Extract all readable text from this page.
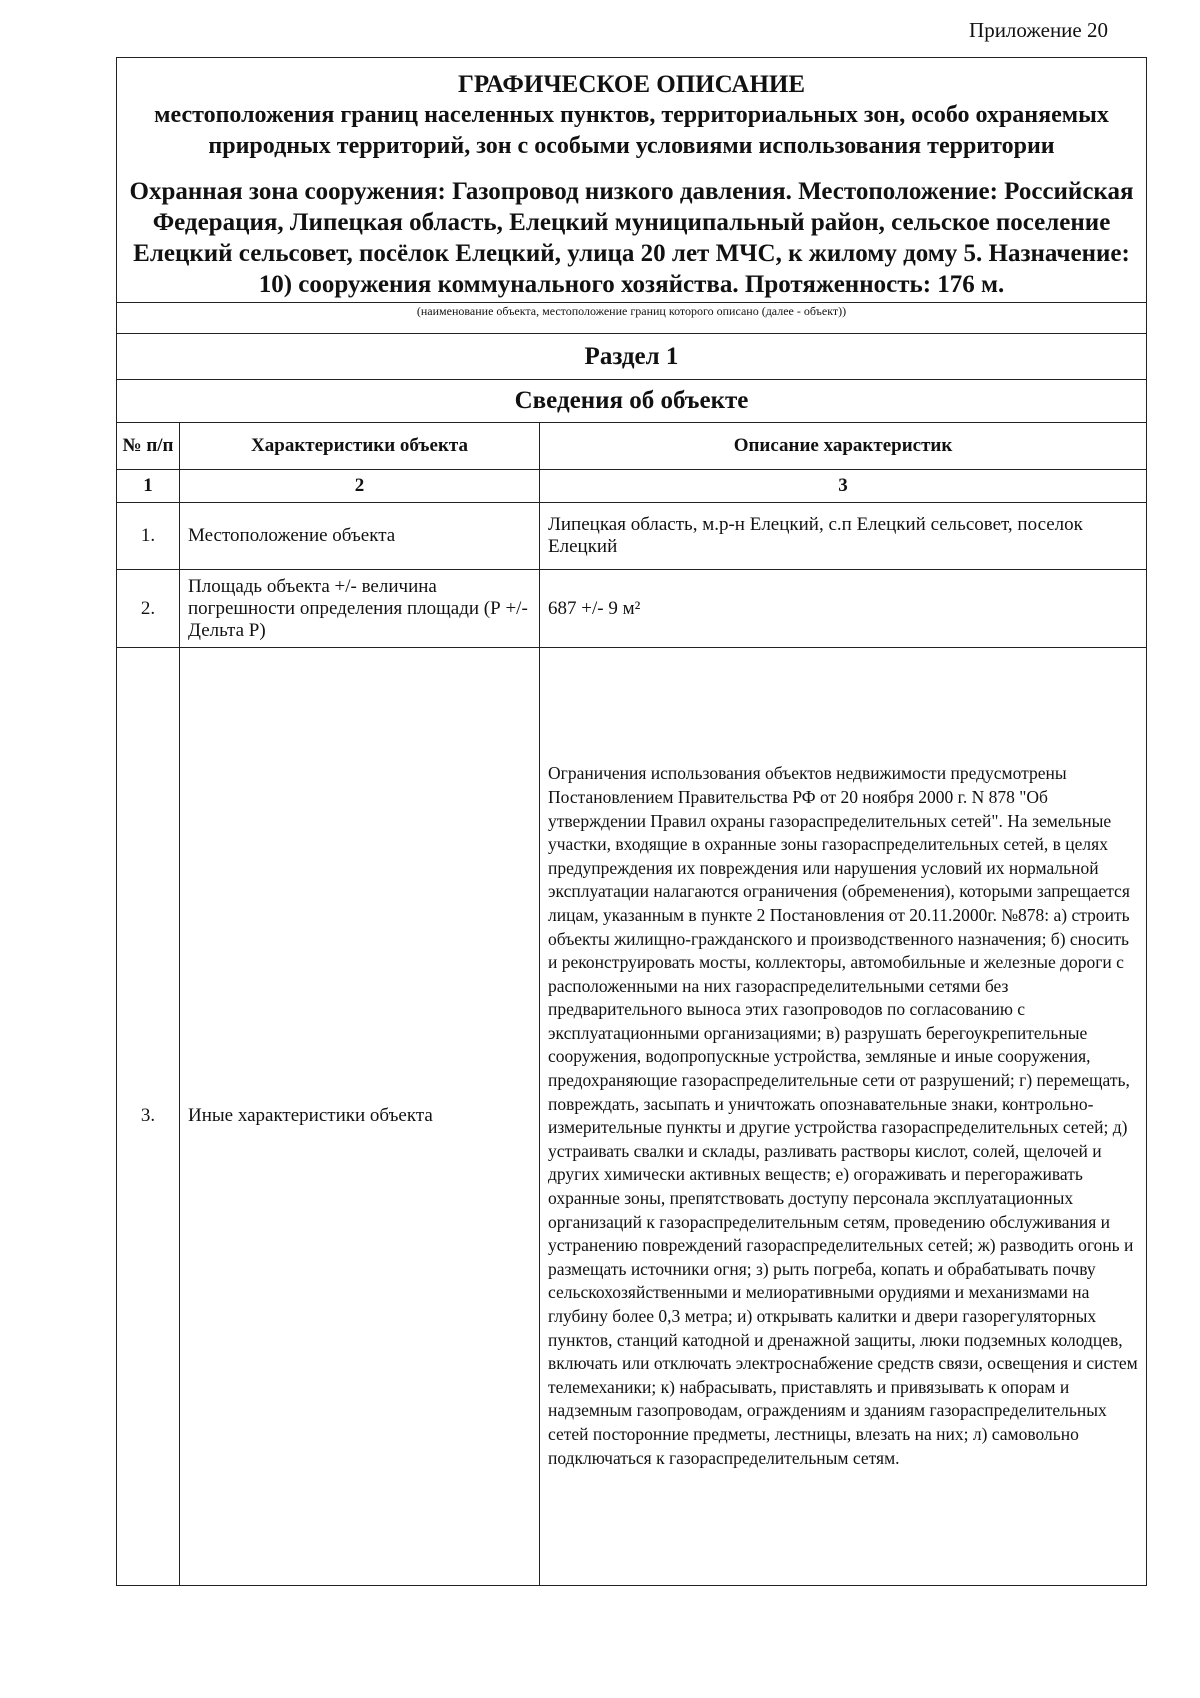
Приложение 20
ГРАФИЧЕСКОЕ ОПИСАНИЕ
местоположения границ населенных пунктов, территориальных зон, особо охраняемых природных территорий, зон с особыми условиями использования территории
Охранная зона сооружения: Газопровод низкого давления. Местоположение: Российская Федерация, Липецкая область, Елецкий муниципальный район, сельское поселение Елецкий сельсовет, посёлок Елецкий, улица 20 лет МЧС, к жилому дому 5. Назначение: 10) сооружения коммунального хозяйства. Протяженность: 176 м.
(наименование объекта, местоположение границ которого описано (далее - объект))
Раздел 1
Сведения об объекте
№ п/п	Характеристики объекта	Описание характеристик
1	2	3
1.	Местоположение объекта	Липецкая область, м.р-н Елецкий, с.п Елецкий сельсовет, поселок Елецкий
2.	Площадь объекта +/- величина погрешности определения площади (Р +/- Дельта Р)	687 +/- 9 м²
3.	Иные характеристики объекта	Ограничения использования объектов недвижимости предусмотрены Постановлением Правительства РФ от 20 ноября 2000 г. N 878 "Об утверждении Правил охраны газораспределительных сетей". На земельные участки, входящие в охранные зоны газораспределительных сетей, в целях предупреждения их повреждения или нарушения условий их нормальной эксплуатации налагаются ограничения (обременения), которыми запрещается лицам, указанным в пункте 2 Постановления от 20.11.2000г. №878: а) строить объекты жилищно-гражданского и производственного назначения; б) сносить и реконструировать мосты, коллекторы, автомобильные и железные дороги с расположенными на них газораспределительными сетями без предварительного выноса этих газопроводов по согласованию с эксплуатационными организациями; в) разрушать берегоукрепительные сооружения, водопропускные устройства, земляные и иные сооружения, предохраняющие газораспределительные сети от разрушений; г) перемещать, повреждать, засыпать и уничтожать опознавательные знаки, контрольно-измерительные пункты и другие устройства газораспределительных сетей; д) устраивать свалки и склады, разливать растворы кислот, солей, щелочей и других химически активных веществ; е) огораживать и перегораживать охранные зоны, препятствовать доступу персонала эксплуатационных организаций к газораспределительным сетям, проведению обслуживания и устранению повреждений газораспределительных сетей; ж) разводить огонь и размещать источники огня; з) рыть погреба, копать и обрабатывать почву сельскохозяйственными и мелиоративными орудиями и механизмами на глубину более 0,3 метра; и) открывать калитки и двери газорегуляторных пунктов, станций катодной и дренажной защиты, люки подземных колодцев, включать или отключать электроснабжение средств связи, освещения и систем телемеханики; к) набрасывать, приставлять и привязывать к опорам и надземным газопроводам, ограждениям и зданиям газораспределительных сетей посторонние предметы, лестницы, влезать на них; л) самовольно подключаться к газораспределительным сетям.
